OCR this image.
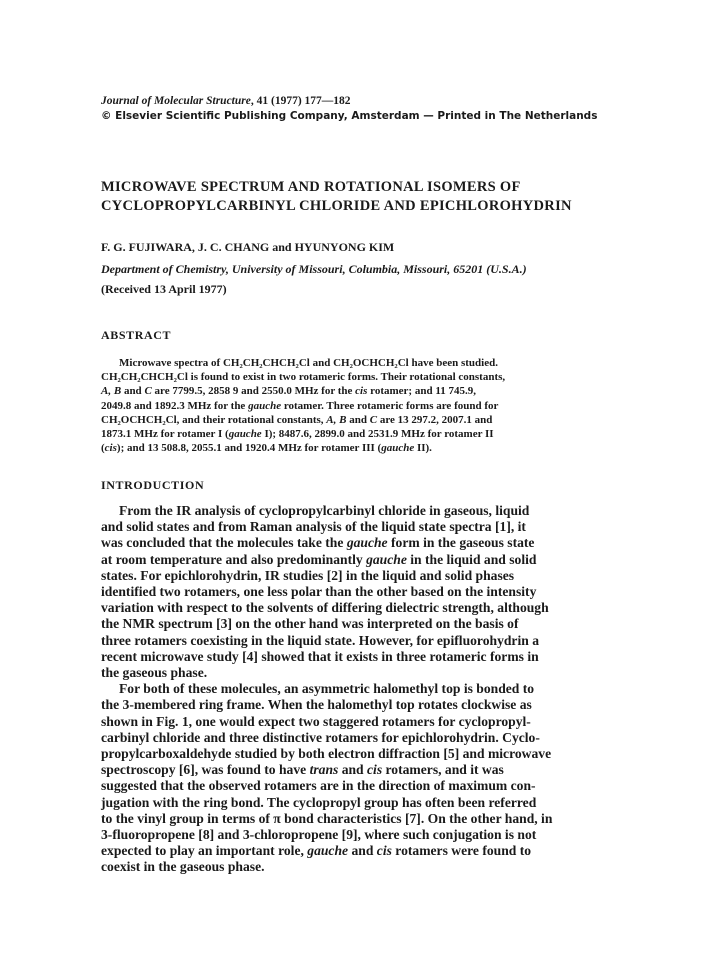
Journal of Molecular Structure, 41 (1977) 177—182
© Elsevier Scientific Publishing Company, Amsterdam — Printed in The Netherlands
MICROWAVE SPECTRUM AND ROTATIONAL ISOMERS OF
CYCLOPROPYLCARBINYL CHLORIDE AND EPICHLOROHYDRIN
F. G. FUJIWARA, J. C. CHANG and HYUNYONG KIM
Department of Chemistry, University of Missouri, Columbia, Missouri, 65201 (U.S.A.)
(Received 13 April 1977)
ABSTRACT
Microwave spectra of CH₂CH₂CHCH₂Cl and CH₂OCHCH₂Cl have been studied.
CH₂CH₂CHCH₂Cl is found to exist in two rotameric forms. Their rotational constants,
A, B and C are 7799.5, 2858 9 and 2550.0 MHz for the cis rotamer; and 11 745.9,
2049.8 and 1892.3 MHz for the gauche rotamer. Three rotameric forms are found for
CH₂OCHCH₂Cl, and their rotational constants, A, B and C are 13 297.2, 2007.1 and
1873.1 MHz for rotamer I (gauche I); 8487.6, 2899.0 and 2531.9 MHz for rotamer II
(cis); and 13 508.8, 2055.1 and 1920.4 MHz for rotamer III (gauche II).
INTRODUCTION
From the IR analysis of cyclopropylcarbinyl chloride in gaseous, liquid
and solid states and from Raman analysis of the liquid state spectra [1], it
was concluded that the molecules take the gauche form in the gaseous state
at room temperature and also predominantly gauche in the liquid and solid
states. For epichlorohydrin, IR studies [2] in the liquid and solid phases
identified two rotamers, one less polar than the other based on the intensity
variation with respect to the solvents of differing dielectric strength, although
the NMR spectrum [3] on the other hand was interpreted on the basis of
three rotamers coexisting in the liquid state. However, for epifluorohydrin a
recent microwave study [4] showed that it exists in three rotameric forms in
the gaseous phase.
For both of these molecules, an asymmetric halomethyl top is bonded to
the 3-membered ring frame. When the halomethyl top rotates clockwise as
shown in Fig. 1, one would expect two staggered rotamers for cyclopropyl-
carbinyl chloride and three distinctive rotamers for epichlorohydrin. Cyclo-
propylcarboxaldehyde studied by both electron diffraction [5] and microwave
spectroscopy [6], was found to have trans and cis rotamers, and it was
suggested that the observed rotamers are in the direction of maximum con-
jugation with the ring bond. The cyclopropyl group has often been referred
to the vinyl group in terms of π bond characteristics [7]. On the other hand, in
3-fluoropropene [8] and 3-chloropropene [9], where such conjugation is not
expected to play an important role, gauche and cis rotamers were found to
coexist in the gaseous phase.
